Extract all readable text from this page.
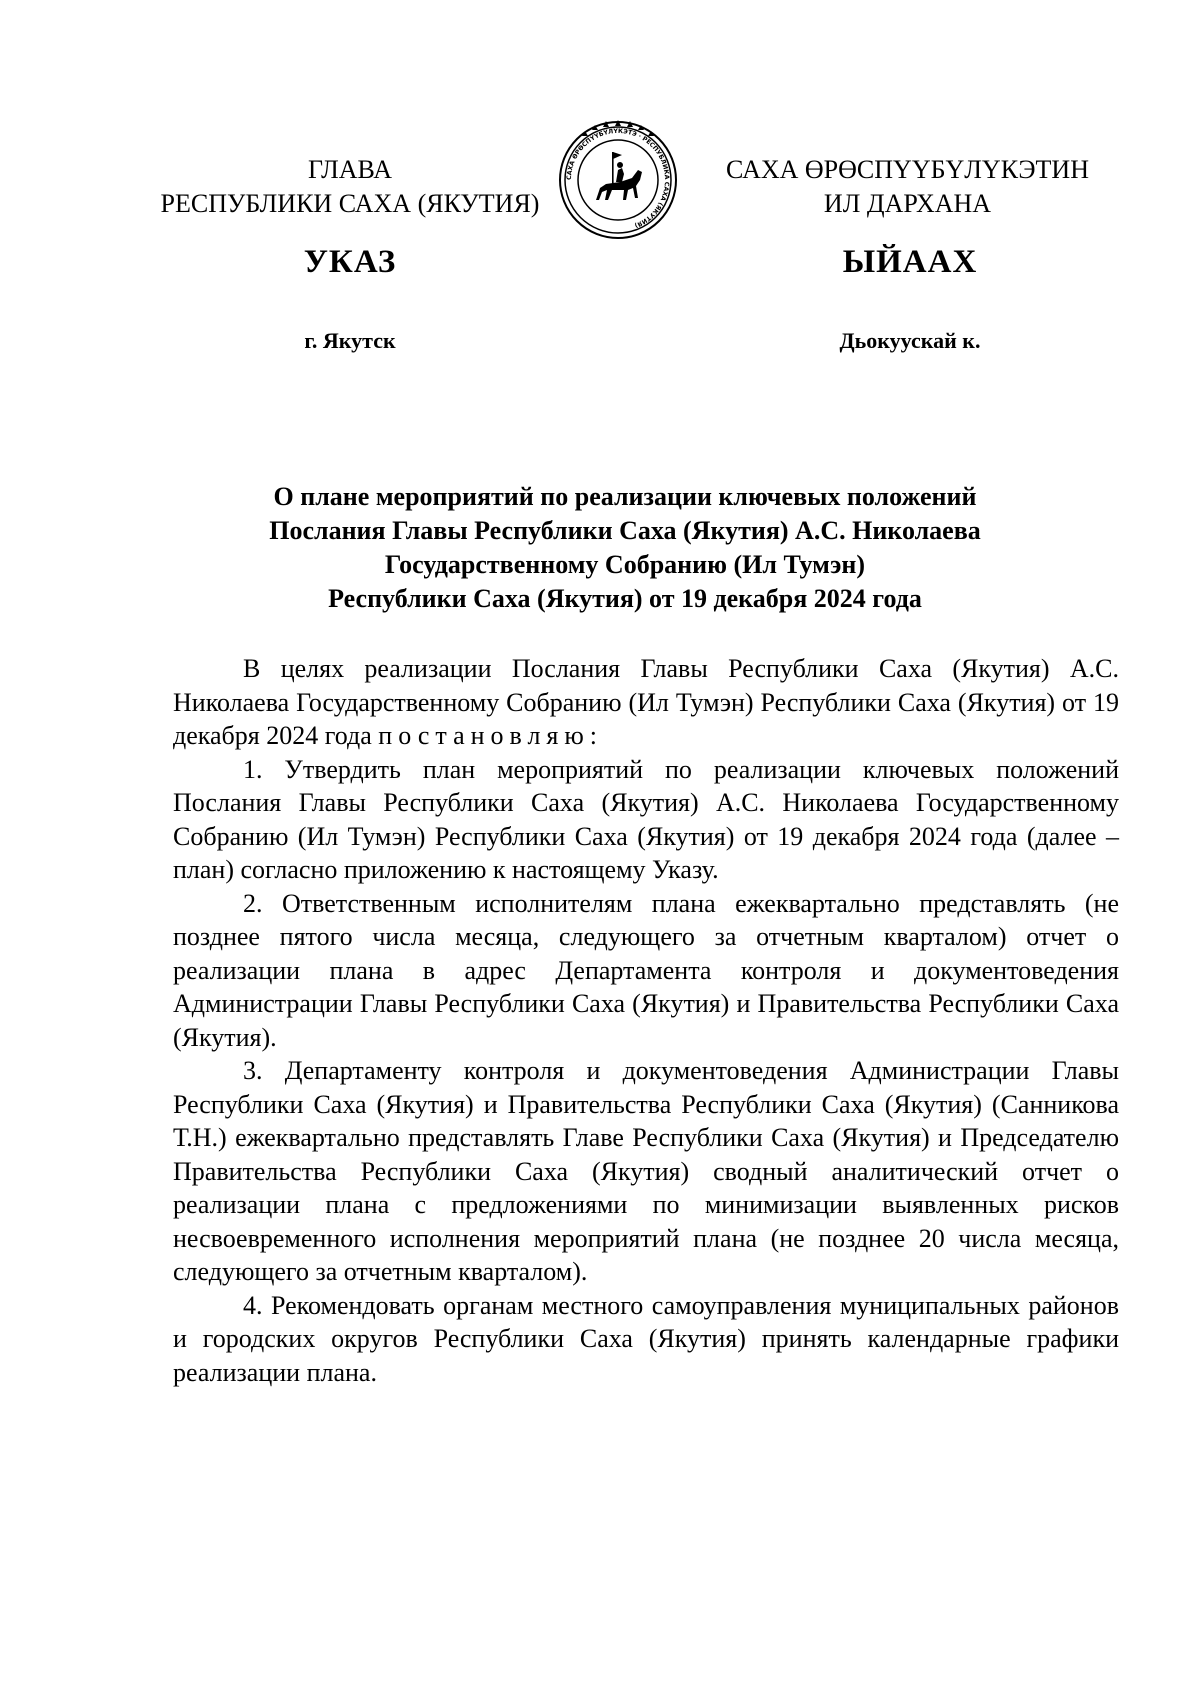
ГЛАВА
РЕСПУБЛИКИ САХА (ЯКУТИЯ)
САХА ӨРӨСПҮҮБҮЛҮКЭТЭ · РЕСПУБЛИКА САХА (ЯКУТИЯ)
САХА ӨРӨСПҮҮБҮЛҮКЭТИН
ИЛ ДАРХАНА
УКАЗ	ЫЙААХ
г. Якутск	Дьокуускай к.
О плане мероприятий по реализации ключевых положений
Послания Главы Республики Саха (Якутия) А.С. Николаева
Государственному Собранию (Ил Тумэн)
Республики Саха (Якутия) от 19 декабря 2024 года

В целях реализации Послания Главы Республики Саха (Якутия) А.С. Николаева Государственному Собранию (Ил Тумэн) Республики Саха (Якутия) от 19 декабря 2024 года постановляю:

1. Утвердить план мероприятий по реализации ключевых положений Послания Главы Республики Саха (Якутия) А.С. Николаева Государственному Собранию (Ил Тумэн) Республики Саха (Якутия) от 19 декабря 2024 года (далее – план) согласно приложению к настоящему Указу.

2. Ответственным исполнителям плана ежеквартально представлять (не позднее пятого числа месяца, следующего за отчетным кварталом) отчет о реализации плана в адрес Департамента контроля и документоведения Администрации Главы Республики Саха (Якутия) и Правительства Республики Саха (Якутия).

3. Департаменту контроля и документоведения Администрации Главы Республики Саха (Якутия) и Правительства Республики Саха (Якутия) (Санникова Т.Н.) ежеквартально представлять Главе Республики Саха (Якутия) и Председателю Правительства Республики Саха (Якутия) сводный аналитический отчет о реализации плана с предложениями по минимизации выявленных рисков несвоевременного исполнения мероприятий плана (не позднее 20 числа месяца, следующего за отчетным кварталом).

4. Рекомендовать органам местного самоуправления муниципальных районов и городских округов Республики Саха (Якутия) принять календарные графики реализации плана.
